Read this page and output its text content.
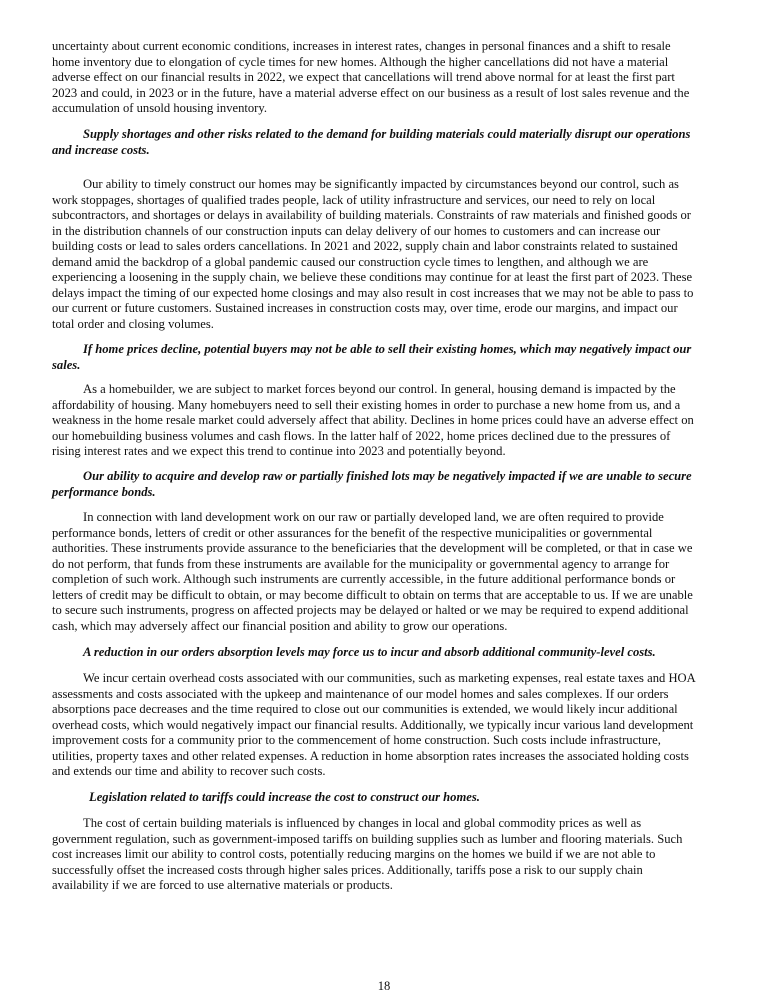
uncertainty about current economic conditions, increases in interest rates, changes in personal finances and a shift to resale
home inventory due to elongation of cycle times for new homes. Although the higher cancellations did not have a material
adverse effect on our financial results in 2022, we expect that cancellations will trend above normal for at least the first part
2023 and could, in 2023 or in the future, have a material adverse effect on our business as a result of lost sales revenue and the
accumulation of unsold housing inventory.
Supply shortages and other risks related to the demand for building materials could materially disrupt our operations
and increase costs.
Our ability to timely construct our homes may be significantly impacted by circumstances beyond our control, such as
work stoppages, shortages of qualified trades people, lack of utility infrastructure and services, our need to rely on local
subcontractors, and shortages or delays in availability of building materials. Constraints of raw materials and finished goods or
in the distribution channels of our construction inputs can delay delivery of our homes to customers and can increase our
building costs or lead to sales orders cancellations. In 2021 and 2022, supply chain and labor constraints related to sustained
demand amid the backdrop of a global pandemic caused our construction cycle times to lengthen, and although we are
experiencing a loosening in the supply chain, we believe these conditions may continue for at least the first part of 2023. These
delays impact the timing of our expected home closings and may also result in cost increases that we may not be able to pass to
our current or future customers. Sustained increases in construction costs may, over time, erode our margins, and impact our
total order and closing volumes.
If home prices decline, potential buyers may not be able to sell their existing homes, which may negatively impact our
sales.
As a homebuilder, we are subject to market forces beyond our control. In general, housing demand is impacted by the
affordability of housing. Many homebuyers need to sell their existing homes in order to purchase a new home from us, and a
weakness in the home resale market could adversely affect that ability. Declines in home prices could have an adverse effect on
our homebuilding business volumes and cash flows. In the latter half of 2022, home prices declined due to the pressures of
rising interest rates and we expect this trend to continue into 2023 and potentially beyond.
Our ability to acquire and develop raw or partially finished lots may be negatively impacted if we are unable to secure
performance bonds.
In connection with land development work on our raw or partially developed land, we are often required to provide
performance bonds, letters of credit or other assurances for the benefit of the respective municipalities or governmental
authorities. These instruments provide assurance to the beneficiaries that the development will be completed, or that in case we
do not perform, that funds from these instruments are available for the municipality or governmental agency to arrange for
completion of such work. Although such instruments are currently accessible, in the future additional performance bonds or
letters of credit may be difficult to obtain, or may become difficult to obtain on terms that are acceptable to us. If we are unable
to secure such instruments, progress on affected projects may be delayed or halted or we may be required to expend additional
cash, which may adversely affect our financial position and ability to grow our operations.
A reduction in our orders absorption levels may force us to incur and absorb additional community-level costs.
We incur certain overhead costs associated with our communities, such as marketing expenses, real estate taxes and HOA
assessments and costs associated with the upkeep and maintenance of our model homes and sales complexes. If our orders
absorptions pace decreases and the time required to close out our communities is extended, we would likely incur additional
overhead costs, which would negatively impact our financial results. Additionally, we typically incur various land development
improvement costs for a community prior to the commencement of home construction. Such costs include infrastructure,
utilities, property taxes and other related expenses. A reduction in home absorption rates increases the associated holding costs
and extends our time and ability to recover such costs.
Legislation related to tariffs could increase the cost to construct our homes.
The cost of certain building materials is influenced by changes in local and global commodity prices as well as
government regulation, such as government-imposed tariffs on building supplies such as lumber and flooring materials. Such
cost increases limit our ability to control costs, potentially reducing margins on the homes we build if we are not able to
successfully offset the increased costs through higher sales prices. Additionally, tariffs pose a risk to our supply chain
availability if we are forced to use alternative materials or products.
18
